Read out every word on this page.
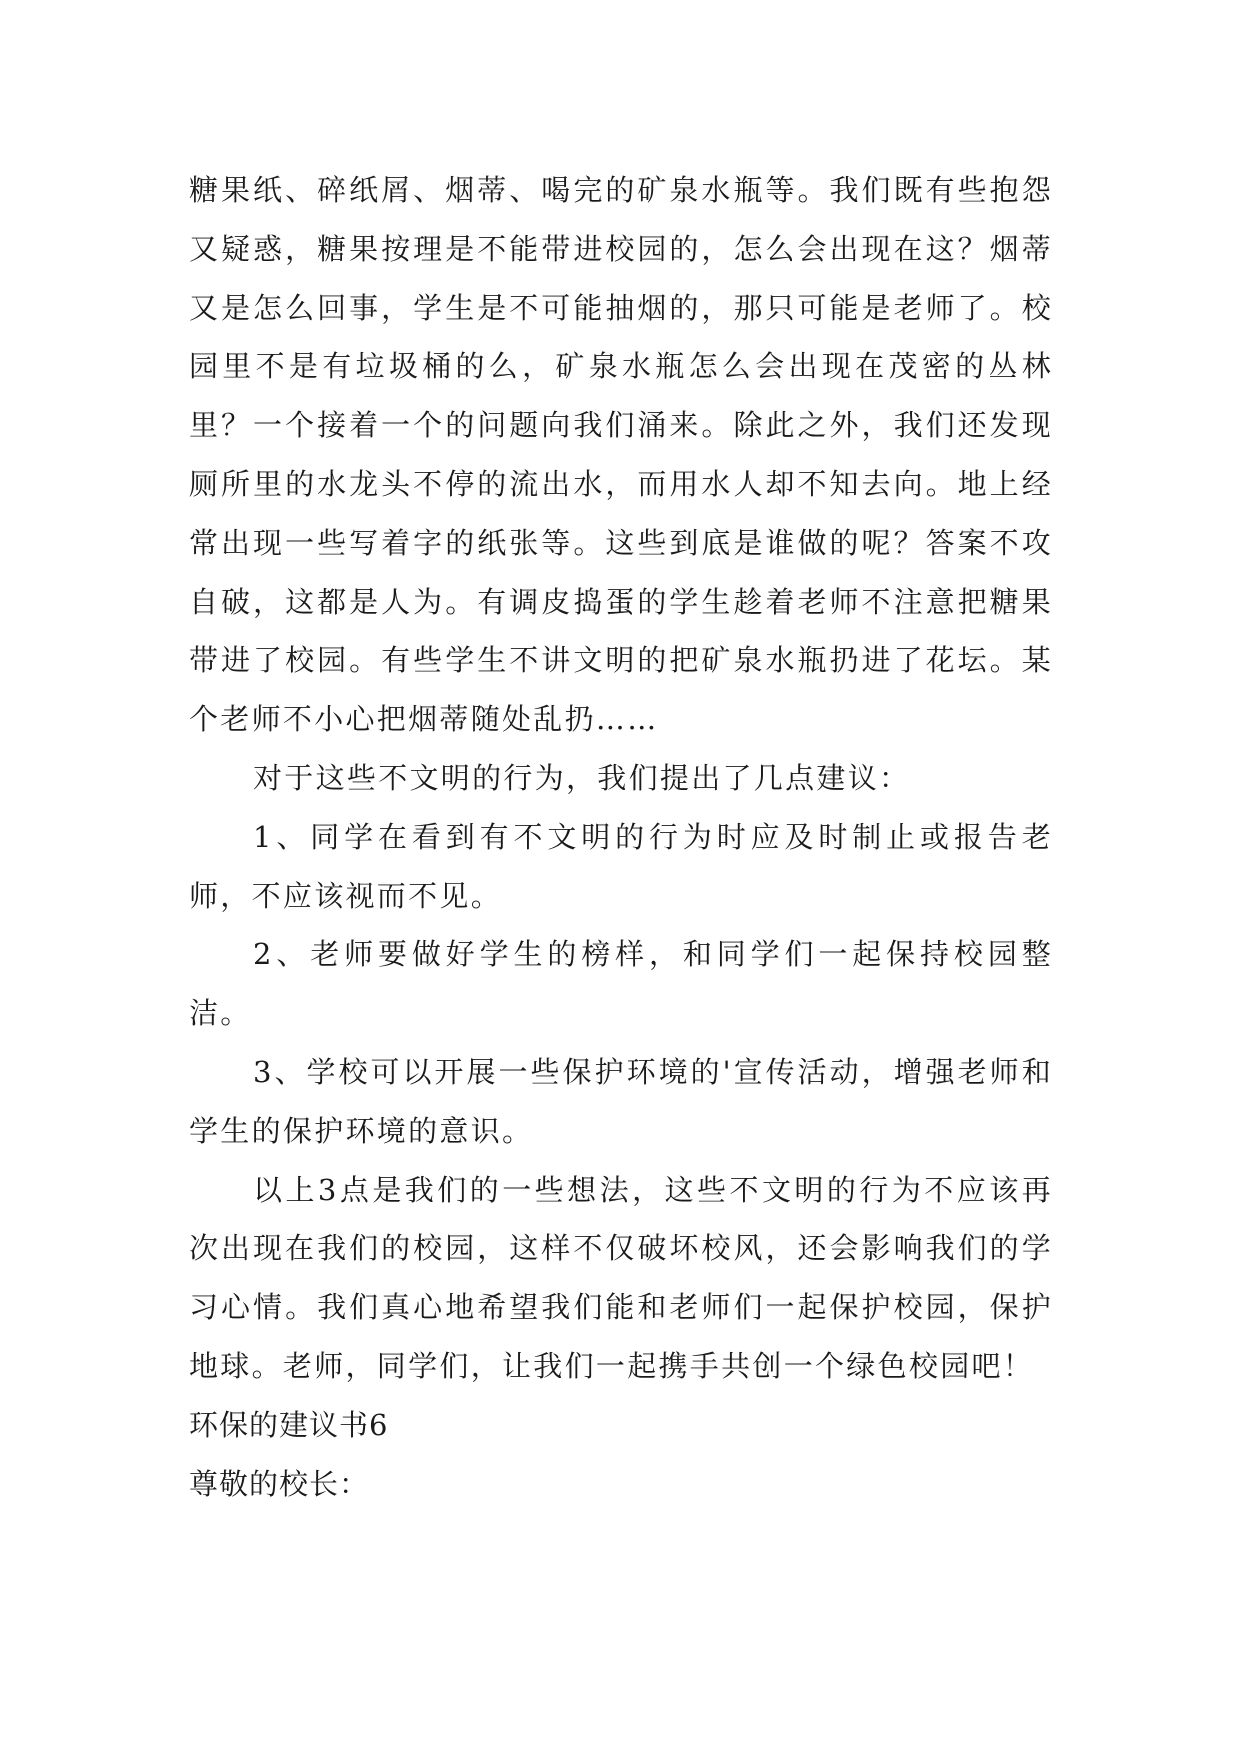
糖果纸、碎纸屑、烟蒂、喝完的矿泉水瓶等。我们既有些抱怨又疑惑，糖果按理是不能带进校园的，怎么会出现在这？烟蒂又是怎么回事，学生是不可能抽烟的，那只可能是老师了。校园里不是有垃圾桶的么，矿泉水瓶怎么会出现在茂密的丛林里？一个接着一个的问题向我们涌来。除此之外，我们还发现厕所里的水龙头不停的流出水，而用水人却不知去向。地上经常出现一些写着字的纸张等。这些到底是谁做的呢？答案不攻自破，这都是人为。有调皮捣蛋的学生趁着老师不注意把糖果带进了校园。有些学生不讲文明的把矿泉水瓶扔进了花坛。某个老师不小心把烟蒂随处乱扔……

对于这些不文明的行为，我们提出了几点建议：

1、同学在看到有不文明的行为时应及时制止或报告老师，不应该视而不见。

2、老师要做好学生的榜样，和同学们一起保持校园整洁。

3、学校可以开展一些保护环境的'宣传活动，增强老师和学生的保护环境的意识。

以上3点是我们的一些想法，这些不文明的行为不应该再次出现在我们的校园，这样不仅破坏校风，还会影响我们的学习心情。我们真心地希望我们能和老师们一起保护校园，保护地球。老师，同学们，让我们一起携手共创一个绿色校园吧！

环保的建议书6

尊敬的校长：
